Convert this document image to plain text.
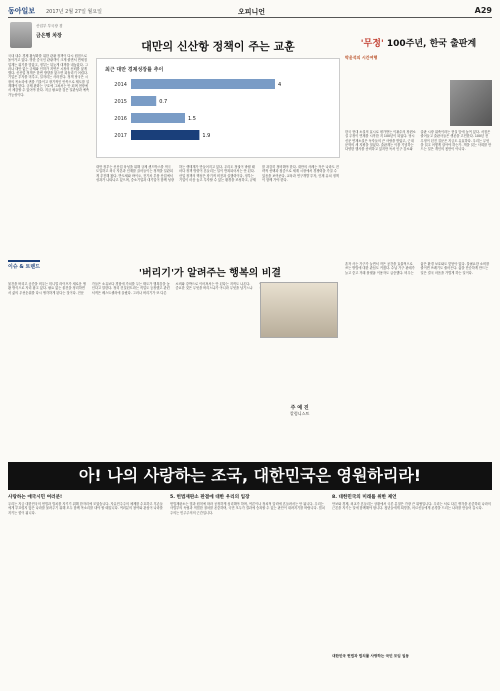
동아일보 2017년 2월 27일 월요일	오피니언	A29
산업부 부국장 겸
금은행 차장
국내 내수 경제 활성화를 위한 관광 정책이 다시 원점으로 돌아가고 있다. 방한 중국인 관광객이 크게 줄면서 면세점 업계는 위기를 맞았고, 정부는 뒤늦게 대책을 내놓았다. 그러나 대안 없는 규제와 인허가 지연은 시장의 신뢰를 잃게 했다. 신산업 정책은 한번 방향을 잃으면 되돌리기 어렵다. 기업은 투자를 미루고, 일자리는 사라진다. 정책 당국은 시장의 목소리에 귀를 기울이고 장기적인 안목으로 제도를 설계해야 한다. 규제 완화는 구호에 그쳐서는 안 되며 현장에서 체감할 수 있어야 한다. 지금 필요한 것은 일관성과 예측 가능성이다.
대만의 신산항 정책이 주는 교훈
최근 대만 경제성장률 추이
2014	4
2015	0.7
2016	1.5
2017	1.9
대만 정부는 신산업 육성을 위해 규제 샌드박스를 적극 도입하고 외국 자본과 인재를 끌어들이는 정책을 일관되게 추진해 왔다. 반도체와 바이오, 전기차 부품 산업에서 성과가 나타나고 있으며, 중소기업과 대기업이 함께 성장하는 생태계가 만들어지고 있다. 우리도 정권이 바뀔 때마다 정책 방향이 흔들리는 일이 반복되어서는 안 된다. 산업 정책의 핵심은 장기적 비전과 실행력이다. 정부는 기업이 마음 놓고 투자할 수 있는 환경을 조성하고, 규제를 과감히 정비해야 한다. 대만의 사례는 작은 나라도 전략적 선택과 집중으로 세계 시장에서 경쟁력을 가질 수 있음을 보여준다. 교육과 연구개발 투자, 인재 유치 정책이 함께 가야 한다.
'무정' 100주년, 한국 출판계
박윤석의 시간여행
한국 현대 소설의 효시로 평가받는 이광수의 장편소설 무정이 연재를 시작한 지 100년이 되었다. 당시 신문 연재소설은 독자들의 큰 사랑을 받았고, 근대 문학의 새 지평을 열었다. 출판계는 이를 기념하는 다양한 행사를 준비하고 있지만 독서 인구 감소와 출판 시장 위축이라는 현실 앞에 놓여 있다. 서점은 줄어들고 출판사들은 생존을 고민한다. 100년 전 무정이 던진 질문은 지금도 유효하다. 우리는 무엇을 읽고 어떻게 살아야 하는가. 책을 읽는 사회를 만드는 일은 개인의 몫만이 아니다.
이슈 & 트렌드
'버리기'가 알려주는 행복의 비결
물건을 버리고 공간을 비우는 미니멀 라이프가 새로운 생활 방식으로 자리 잡고 있다. 필요 없는 물건을 정리하면서 삶의 우선순위를 다시 생각하게 된다는 것이다. 전문가들은 소유보다 경험에 가치를 두는 태도가 행복감을 높인다고 말한다. 정리 컨설턴트라는 직업도 등장했고 관련 서적은 베스트셀러에 올랐다. 그러나 버리기가 또 다른 소비와 강박으로 이어져서는 안 된다는 지적도 나온다. 중요한 것은 무엇을 버리느냐가 아니라 무엇을 남기느냐
혼자 사는 가구가 늘면서 작은 공간을 효율적으로 쓰는 방법에 대한 관심도 커졌다. 수납 가구 판매가 늘고 중고 거래 플랫폼 이용자도 급증했다. 비우는 삶은 환경 보호와도 맞닿아 있다. 불필요한 소비를 줄이면 쓰레기도 줄어든다. 삶을 단순하게 만드는 일은 결국 마음을 가볍게 하는 일이다.
주 예 진
칼럼니스트
아! 나의 사랑하는 조국, 대한민국은 영원하리라!
사랑하는 애국시민 여러분!
우리는 지금 대한민국의 헌법과 법치를 지키기 위해 한자리에 모였습니다. 자유민주주의 체제를 수호하고 후손들에게 부끄럽지 않은 나라를 물려주기 위해 모두 함께 목소리를 내야 할 때입니다. 여러분의 참여와 관심이 나라를 지키는 힘이 됩니다.
5. 헌법재판소 판결에 대한 우리의 입장
헌법재판소는 법과 원칙에 따라 공정하게 심리해야 하며, 여론이나 정치적 압력에 흔들려서는 안 됩니다. 우리는 사법부의 독립과 적법한 절차를 존중하며, 국민 모두가 결과에 승복할 수 있는 판단이 내려지기를 바랍니다. 법치주의는 민주주의의 근간입니다.
8. 대한민국의 미래를 위한 제언
안보와 경제, 외교가 흔들리는 상황에서 국론 분열은 가장 큰 위협입니다. 우리는 서로 다른 생각을 존중하되 나라의 근본을 지키는 일에 함께해야 합니다. 청년들에게 희망을, 어르신들에게 존경을 드리는 나라를 만들어 갑시다.
대한민국 헌법과 법치를 사랑하는 국민 모임 일동
